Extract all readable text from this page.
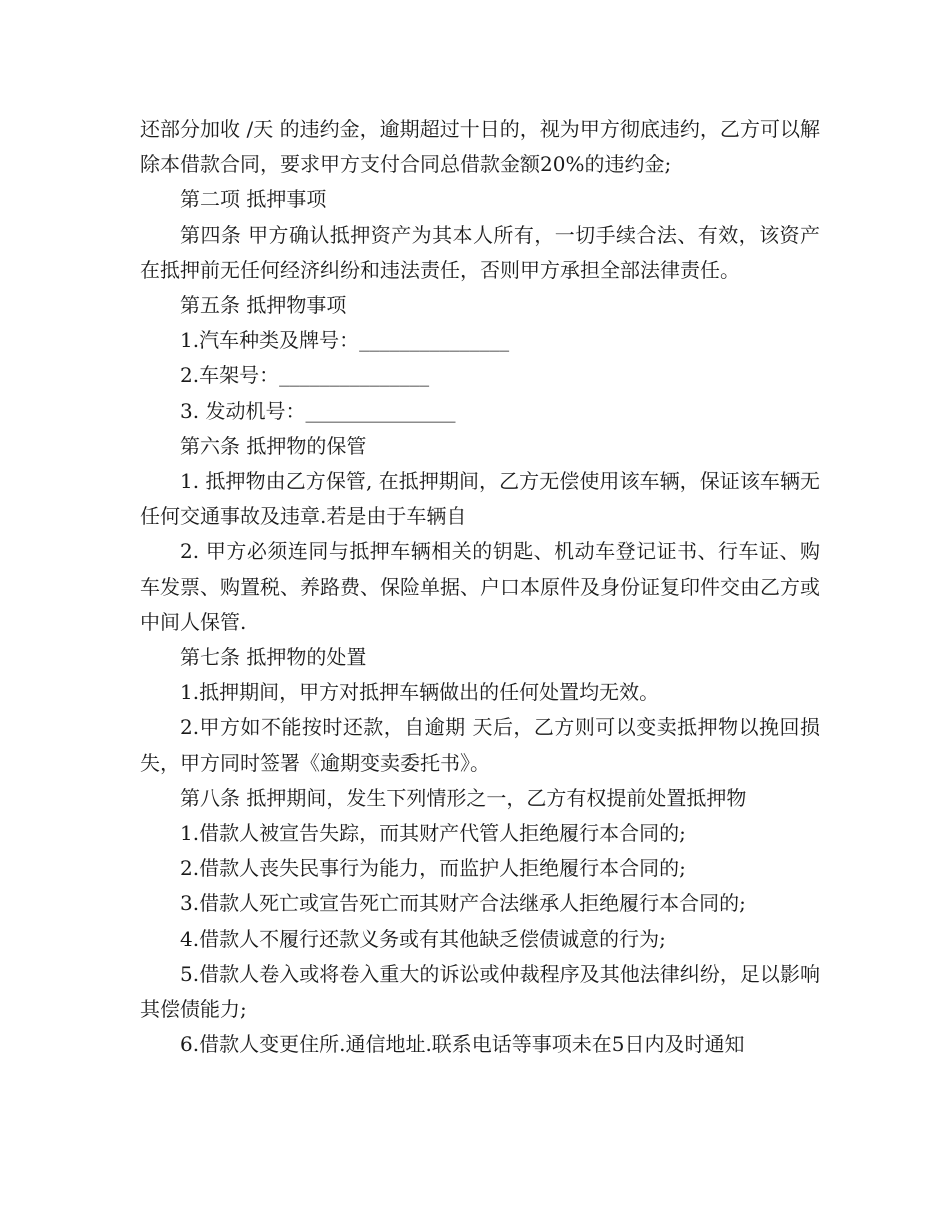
还部分加收 /天 的违约金，逾期超过十日的，视为甲方彻底违约，乙方可以解除本借款合同，要求甲方支付合同总借款金额20%的违约金;

第二项 抵押事项

第四条 甲方确认抵押资产为其本人所有，一切手续合法、有效，该资产在抵押前无任何经济纠纷和违法责任，否则甲方承担全部法律责任。

第五条 抵押物事项

1.汽车种类及牌号：_______________

2.车架号：_______________

3. 发动机号：_______________

第六条 抵押物的保管

1. 抵押物由乙方保管, 在抵押期间，乙方无偿使用该车辆，保证该车辆无任何交通事故及违章.若是由于车辆自

2. 甲方必须连同与抵押车辆相关的钥匙、机动车登记证书、行车证、购车发票、购置税、养路费、保险单据、户口本原件及身份证复印件交由乙方或中间人保管.

第七条 抵押物的处置

1.抵押期间，甲方对抵押车辆做出的任何处置均无效。

2.甲方如不能按时还款，自逾期 天后，乙方则可以变卖抵押物以挽回损失，甲方同时签署《逾期变卖委托书》。

第八条 抵押期间，发生下列情形之一，乙方有权提前处置抵押物

1.借款人被宣告失踪，而其财产代管人拒绝履行本合同的;

2.借款人丧失民事行为能力，而监护人拒绝履行本合同的;

3.借款人死亡或宣告死亡而其财产合法继承人拒绝履行本合同的;

4.借款人不履行还款义务或有其他缺乏偿债诚意的行为;

5.借款人卷入或将卷入重大的诉讼或仲裁程序及其他法律纠纷，足以影响其偿债能力;

6.借款人变更住所.通信地址.联系电话等事项未在5日内及时通知
